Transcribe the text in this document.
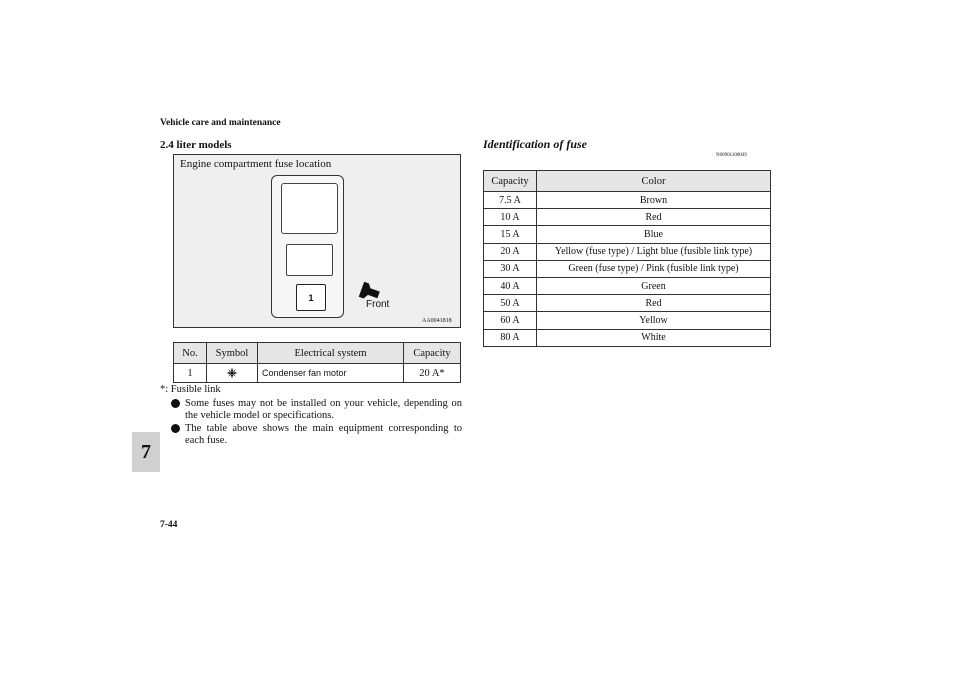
Vehicle care and maintenance
7
7-44
2.4 liter models
Engine compartment fuse location
1
Front
AA0041818
No.	Symbol	Electrical system	Capacity
1		Condenser fan motor	20 A*
*: Fusible link
Some fuses may not be installed on your vehicle, depending on the vehicle model or specifications.
The table above shows the main equipment corresponding to each fuse.
Identification of fuse
N00901100049
Capacity	Color
7.5 A	Brown
10 A	Red
15 A	Blue
20 A	Yellow (fuse type) / Light blue (fusible link type)
30 A	Green (fuse type) / Pink (fusible link type)
40 A	Green
50 A	Red
60 A	Yellow
80 A	White
